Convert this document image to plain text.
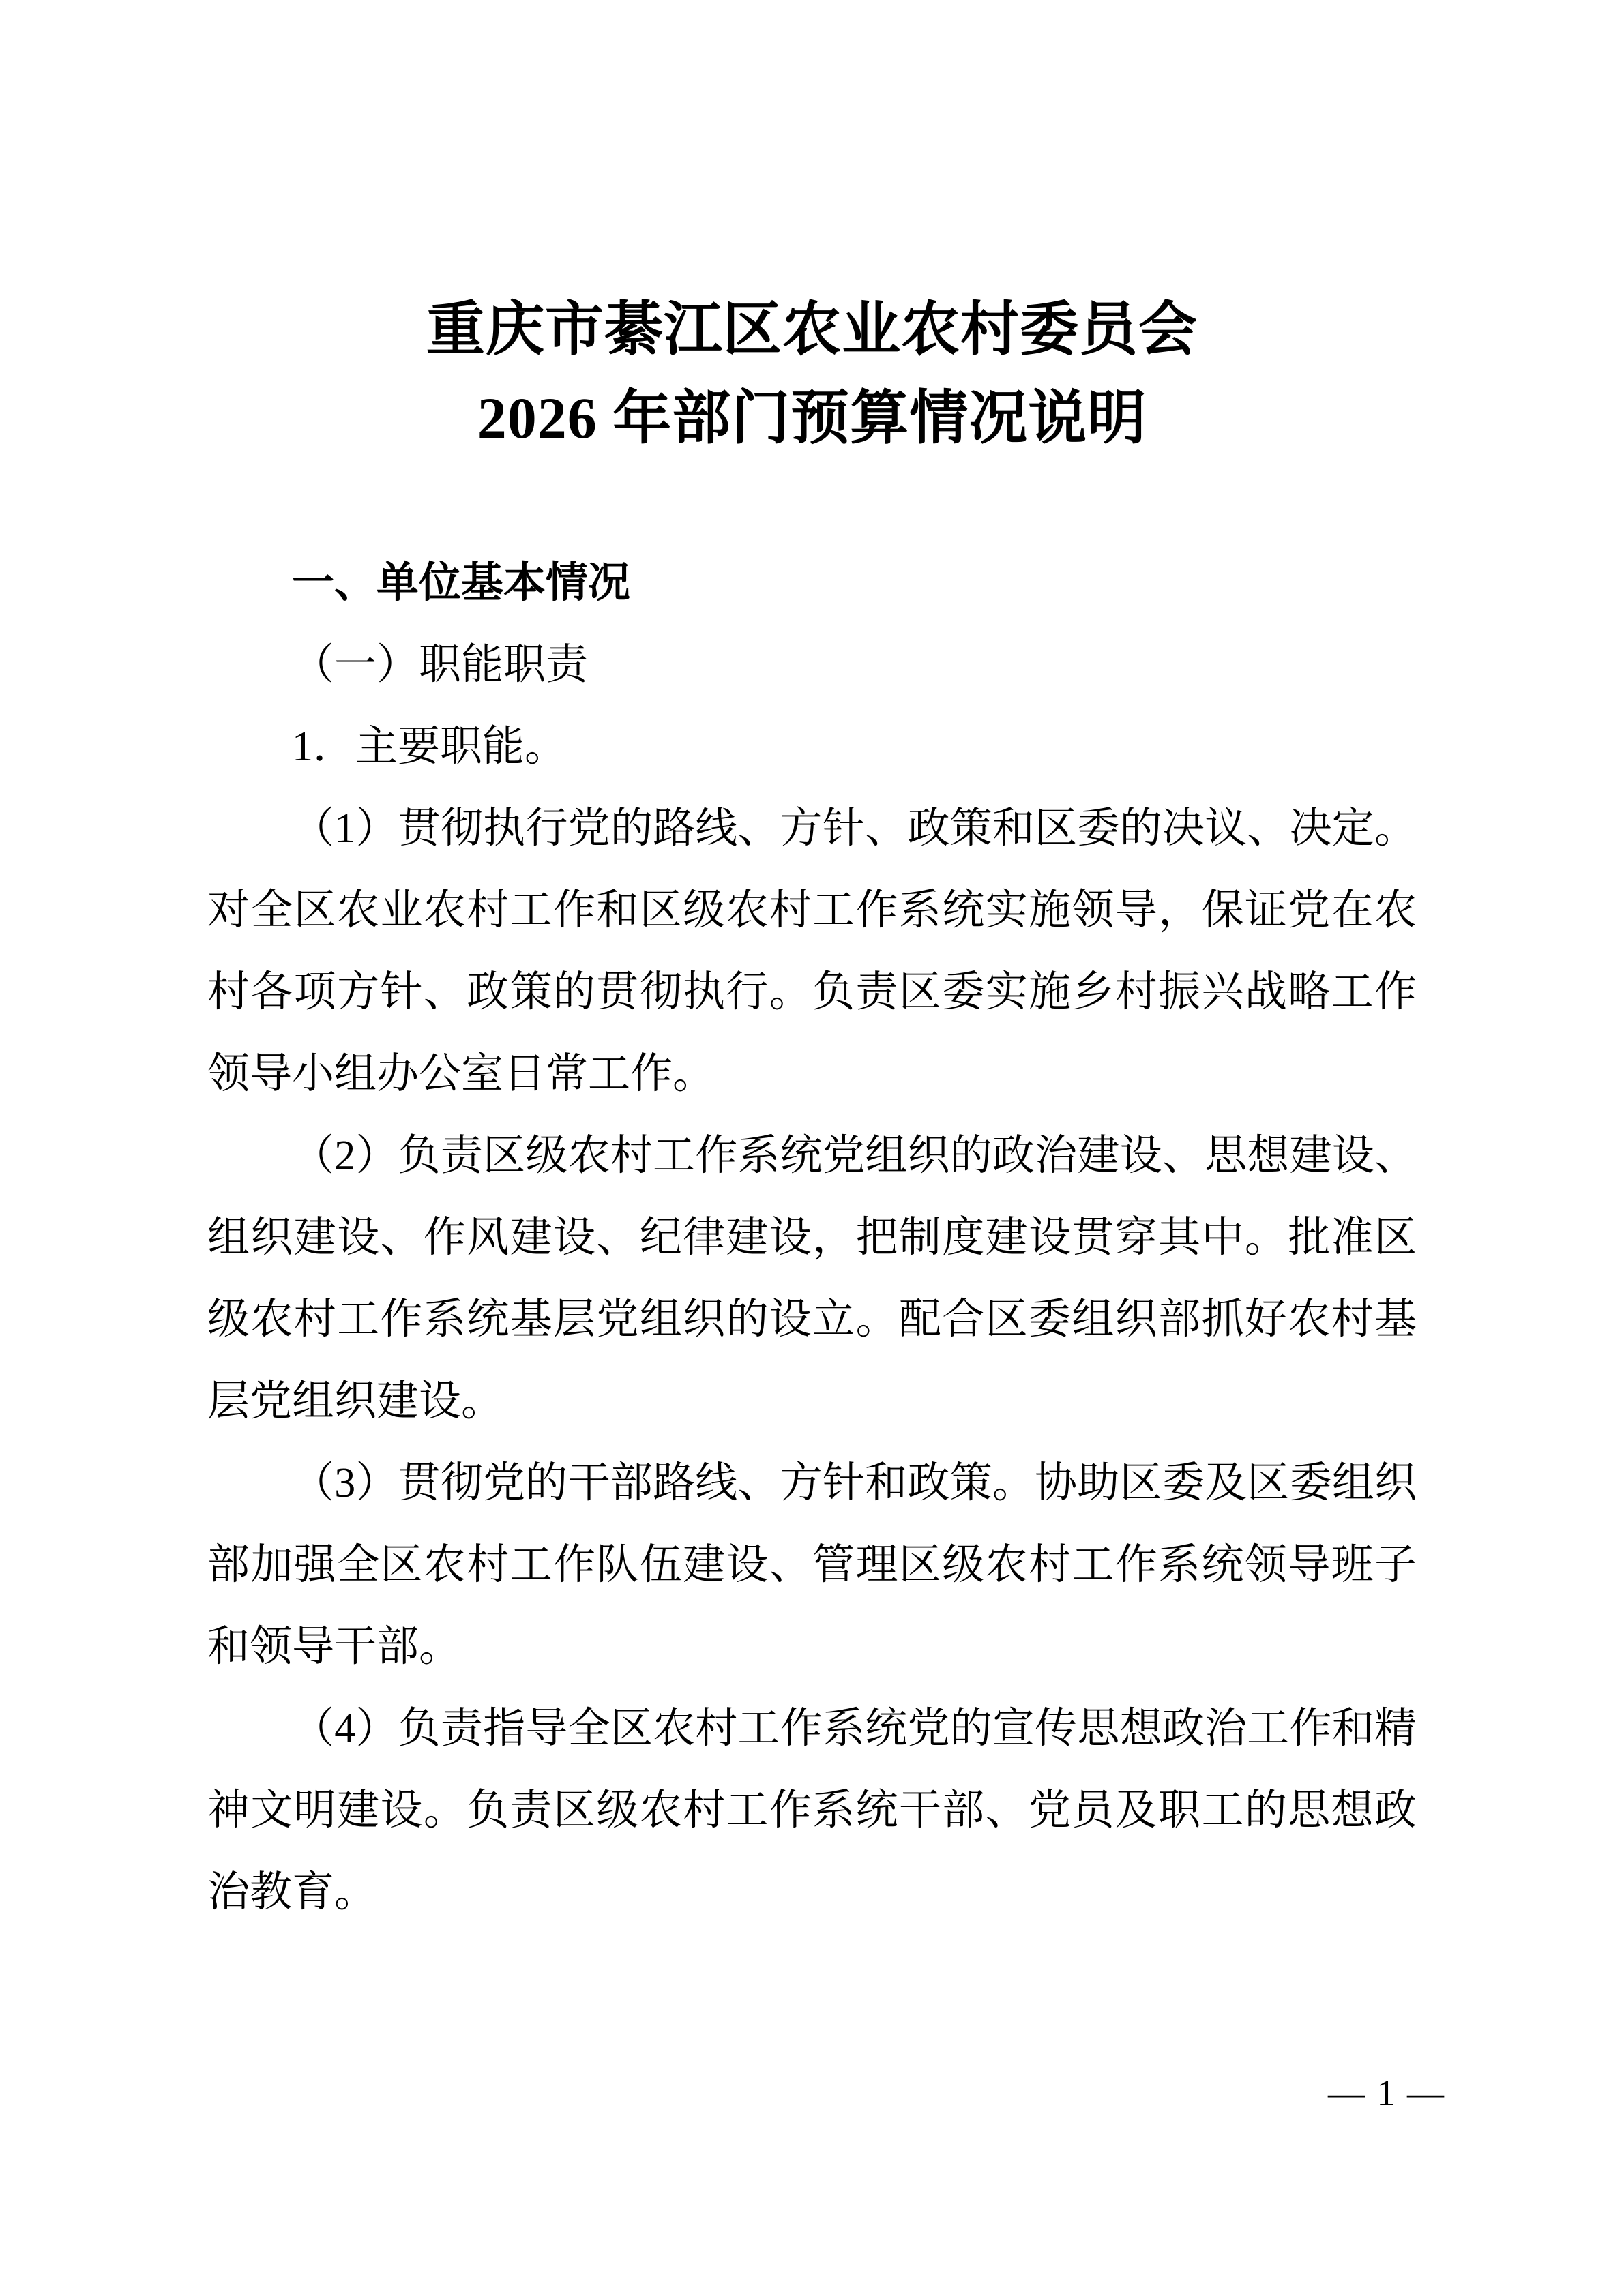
重庆市綦江区农业农村委员会
2026 年部门预算情况说明
一、单位基本情况
（一）职能职责

1．主要职能。

（1）贯彻执行党的路线、方针、政策和区委的决议、决定。对全区农业农村工作和区级农村工作系统实施领导，保证党在农村各项方针、政策的贯彻执行。负责区委实施乡村振兴战略工作领导小组办公室日常工作。

（2）负责区级农村工作系统党组织的政治建设、思想建设、组织建设、作风建设、纪律建设，把制度建设贯穿其中。批准区级农村工作系统基层党组织的设立。配合区委组织部抓好农村基层党组织建设。

（3）贯彻党的干部路线、方针和政策。协助区委及区委组织部加强全区农村工作队伍建设、管理区级农村工作系统领导班子和领导干部。

（4）负责指导全区农村工作系统党的宣传思想政治工作和精神文明建设。负责区级农村工作系统干部、党员及职工的思想政治教育。

— 1 —
